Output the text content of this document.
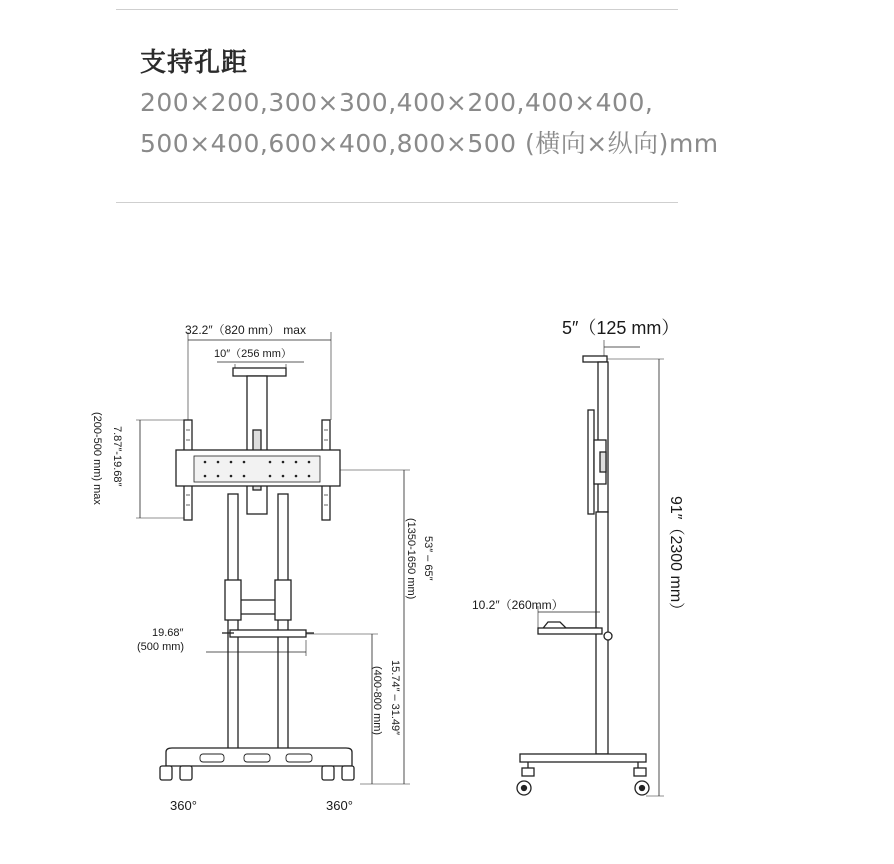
支持孔距
200×200,300×300,400×200,400×400,
500×400,600×400,800×500 (横向×纵向)mm
32.2″（820 mm） max
10″（256 mm）
(200-500 mm) max 7.87″-19.68″
53″ – 65″
(1350-1650 mm)
19.68″
(500 mm)
15.74″ – 31.49″
(400-800 mm)
360°	360°
5″（125 mm）
10.2″（260mm）	91″（2300 mm）
